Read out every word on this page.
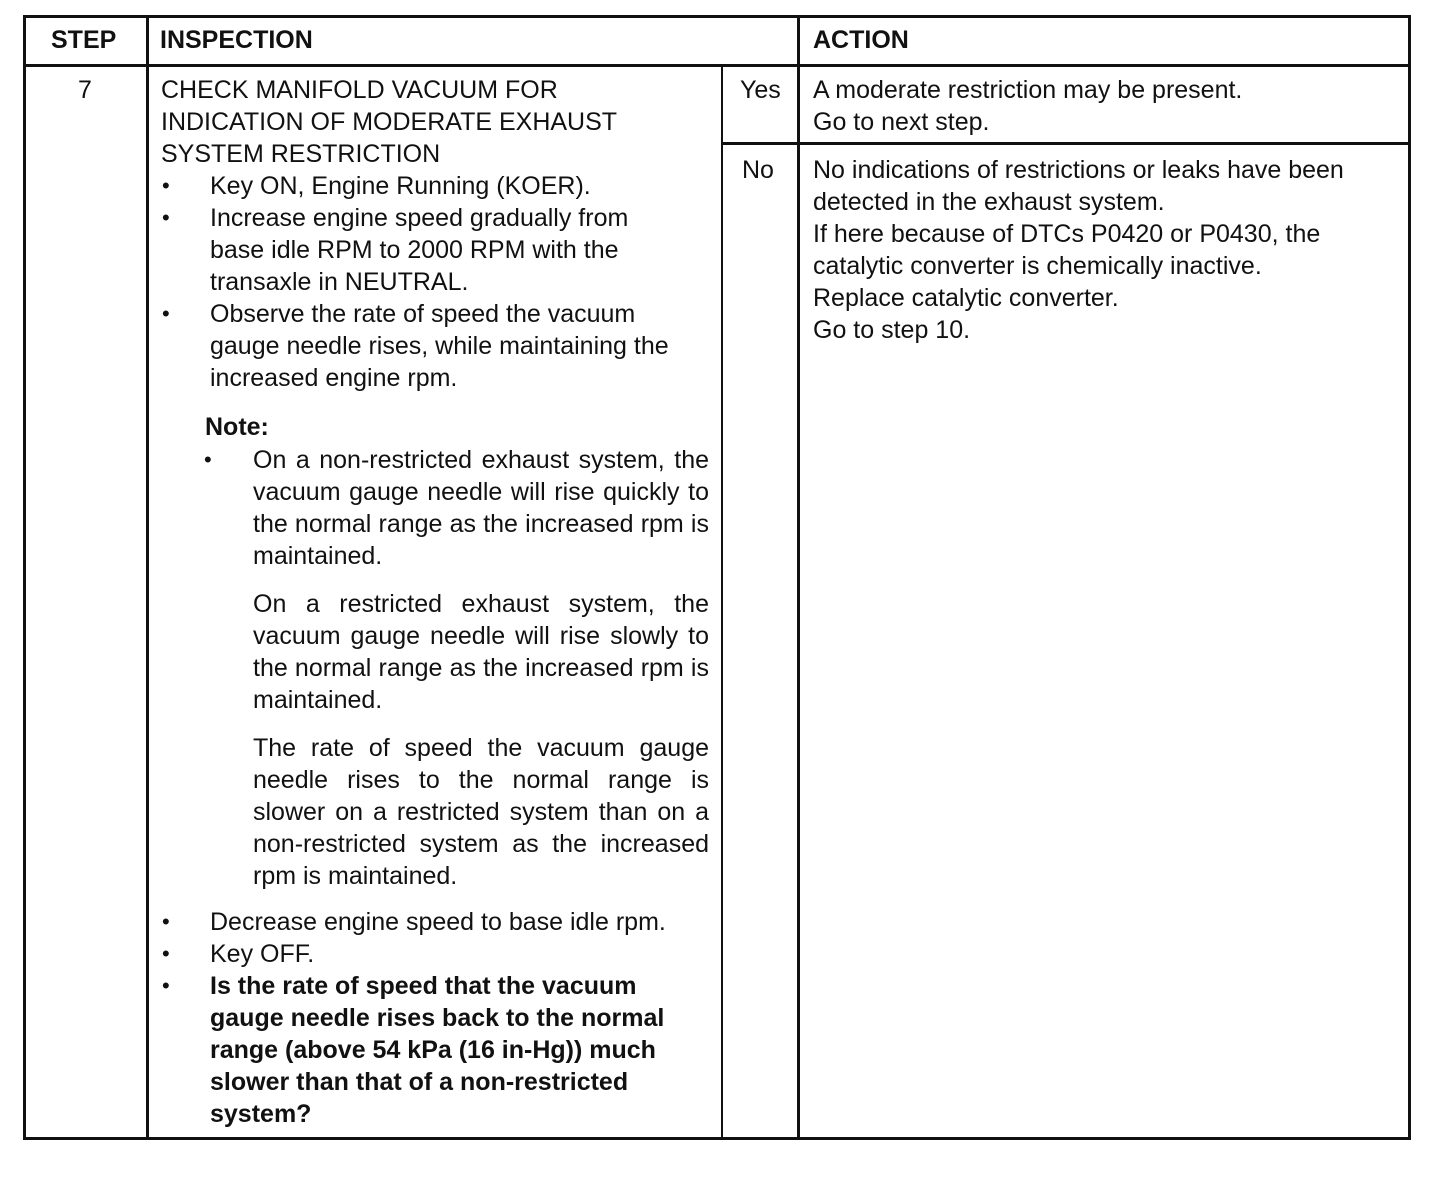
STEP INSPECTION	ACTION
7	CHECK MANIFOLD VACUUM FOR
INDICATION OF MODERATE EXHAUST
SYSTEM RESTRICTION
• Key ON, Engine Running (KOER).
• Increase engine speed gradually from
base idle RPM to 2000 RPM with the
transaxle in NEUTRAL.
• Observe the rate of speed the vacuum
gauge needle rises, while maintaining the
increased engine rpm.
Note:
• On a non-restricted exhaust system, the vacuum gauge needle will rise quickly to the normal range as the increased rpm is maintained.
On a restricted exhaust system, the vacuum gauge needle will rise slowly to the normal range as the increased rpm is maintained.
The rate of speed the vacuum gauge needle rises to the normal range is slower on a restricted system than on a non-restricted system as the increased rpm is maintained.
• Decrease engine speed to base idle rpm.
• Key OFF.
• Is the rate of speed that the vacuum
gauge needle rises back to the normal
range (above 54 kPa (16 in-Hg)) much
slower than that of a non-restricted
system?
Yes
No
A moderate restriction may be present.
Go to next step.
No indications of restrictions or leaks have been
detected in the exhaust system.
If here because of DTCs P0420 or P0430, the
catalytic converter is chemically inactive.
Replace catalytic converter.
Go to step 10.
